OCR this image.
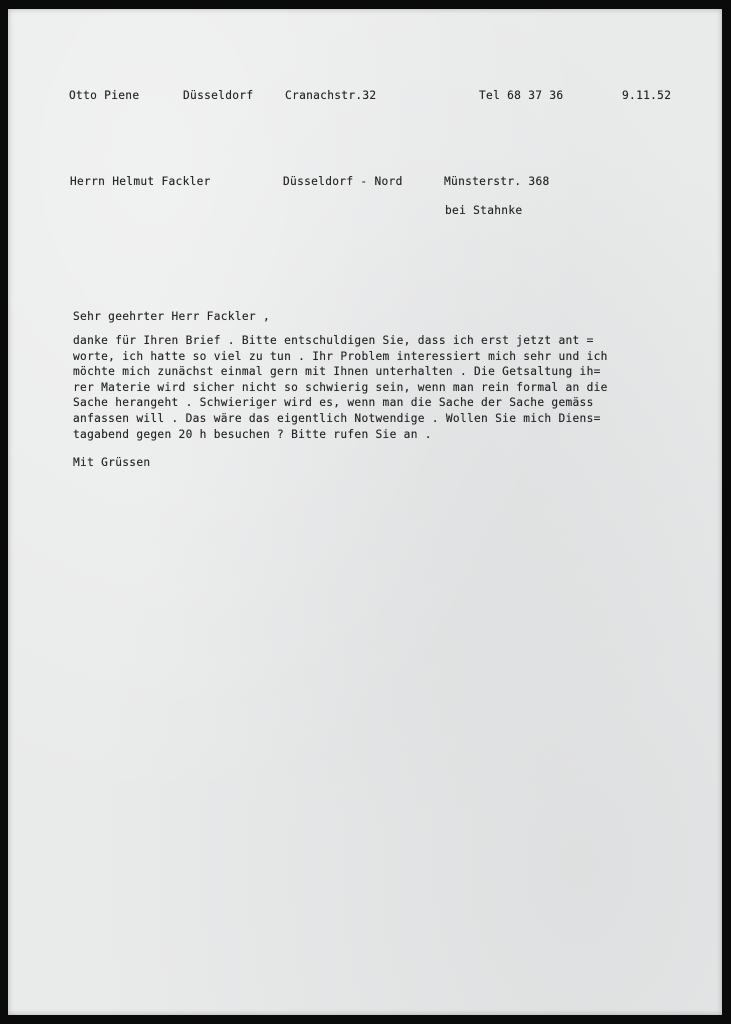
Otto Piene	Düsseldorf	Cranachstr.32	Tel 68 37 36	9.11.52
Herrn Helmut Fackler	Düsseldorf - Nord	Münsterstr. 368
bei Stahnke
Sehr geehrter Herr Fackler ,
danke für Ihren Brief . Bitte entschuldigen Sie, dass ich erst jetzt ant =
worte, ich hatte so viel zu tun . Ihr Problem interessiert mich sehr und ich
möchte mich zunächst einmal gern mit Ihnen unterhalten . Die Getsaltung ih=
rer Materie wird sicher nicht so schwierig sein, wenn man rein formal an die
Sache herangeht . Schwieriger wird es, wenn man die Sache der Sache gemäss
anfassen will . Das wäre das eigentlich Notwendige . Wollen Sie mich Diens=
tagabend gegen 20 h besuchen ? Bitte rufen Sie an .
Mit Grüssen
